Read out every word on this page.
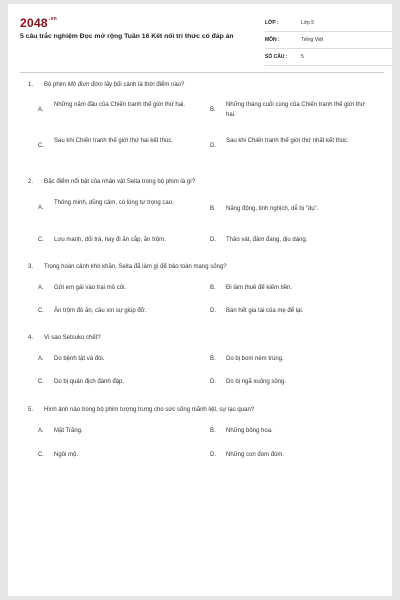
$2048^{.vn}$
5 câu trắc nghiệm Đọc mở rộng Tuần 16 Kết nối tri thức có đáp án
LỚP :	Lớp 5
MÔN :	Tiếng Việt
SỐ CÂU :	5
1. Bộ phim Mộ đom đóm lấy bối cảnh là thời điểm nào?
A.
Những năm đầu của Chiến tranh thế giới thứ hai.
B.
Những tháng cuối cùng của Chiến tranh thế giới thứ hai.
C.
Sau khi Chiến tranh thế giới thứ hai kết thúc.
D.
Sau khi Chiến tranh thế giới thứ nhất kết thúc.
2. Đặc điểm nổi bật của nhân vật Seita trong bộ phim là gì?
A.
Thông minh, dũng cảm, có lòng tự trọng cao.
B. Năng động, tinh nghịch, dễ bị "dụ".
C. Lưu manh, dối trá, hay đi ăn cắp, ăn trộm.	D. Thảo vát, đảm đang, dịu dàng.
3. Trong hoàn cảnh khó khăn, Seita đã làm gì để bảo toàn mạng sống?
A. Gửi em gái vào trại mồ côi.	B. Đi làm thuê để kiếm tiền.
C. Ăn trộm đồ ăn, cầu xin sự giúp đỡ.	D. Bán hết gia tài của mẹ để lại.
4. Vì sao Setsuko chết?
A. Do bệnh tật và đói.	B. Do bị bom ném trúng.
C. Do bị quân địch đánh đập.	D. Do bị ngã xuống sông.
5. Hình ảnh nào trong bộ phim tượng trưng cho sức sống mãnh liệt, sự lạc quan?
A. Mặt Trăng.	B. Những bông hoa.
C. Ngôi mộ.	D. Những con đom đóm.
